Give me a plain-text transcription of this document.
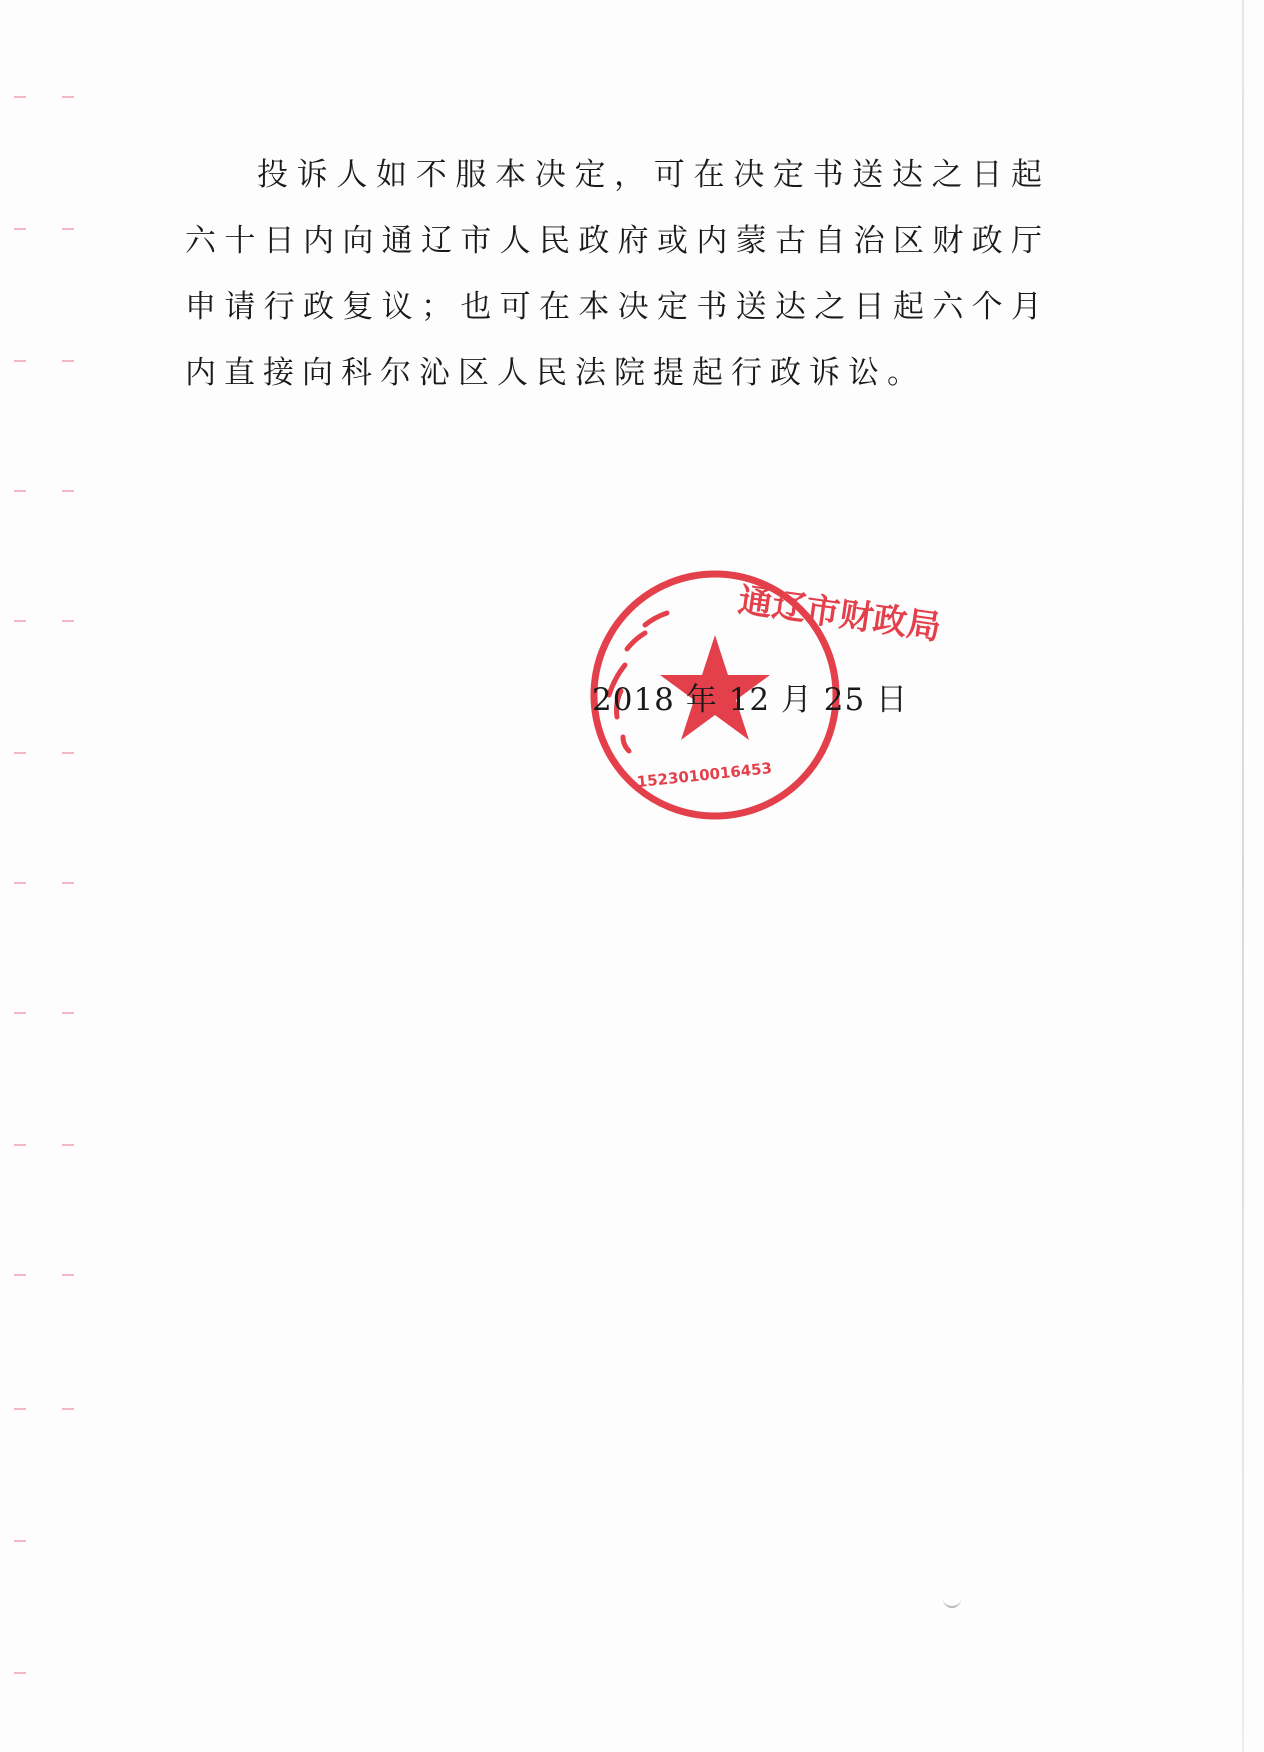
投诉人如不服本决定，可在决定书送达之日起六十日内向通辽市人民政府或内蒙古自治区财政厅申请行政复议；也可在本决定书送达之日起六个月内直接向科尔沁区人民法院提起行政诉讼。

通辽市财政局
1523010016453
2018 年 12 月 25 日
